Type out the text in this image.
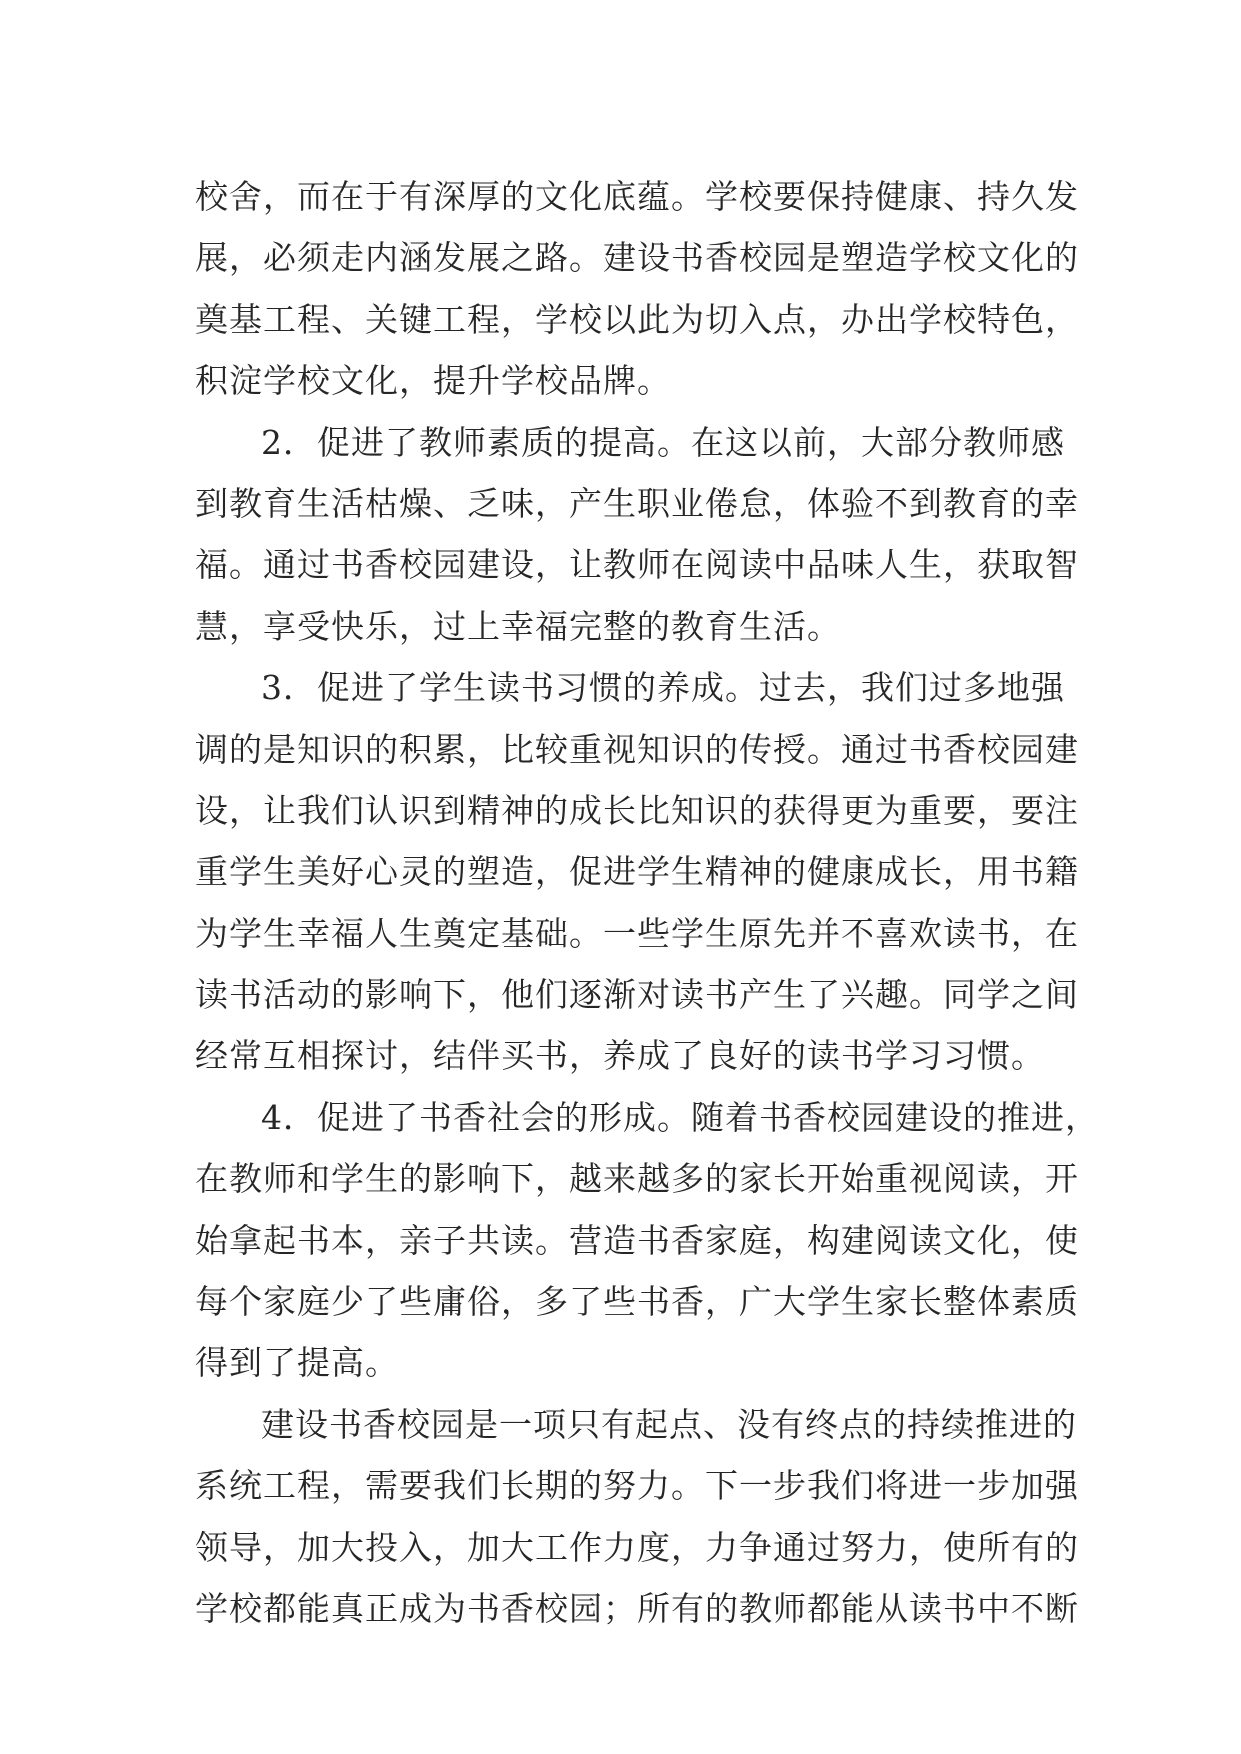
校舍，而在于有深厚的文化底蕴。学校要保持健康、持久发
展，必须走内涵发展之路。建设书香校园是塑造学校文化的
奠基工程、关键工程，学校以此为切入点，办出学校特色，
积淀学校文化，提升学校品牌。
2．促进了教师素质的提高。在这以前，大部分教师感
到教育生活枯燥、乏味，产生职业倦怠，体验不到教育的幸
福。通过书香校园建设，让教师在阅读中品味人生，获取智
慧，享受快乐，过上幸福完整的教育生活。
3．促进了学生读书习惯的养成。过去，我们过多地强
调的是知识的积累，比较重视知识的传授。通过书香校园建
设，让我们认识到精神的成长比知识的获得更为重要，要注
重学生美好心灵的塑造，促进学生精神的健康成长，用书籍
为学生幸福人生奠定基础。一些学生原先并不喜欢读书，在
读书活动的影响下，他们逐渐对读书产生了兴趣。同学之间
经常互相探讨，结伴买书，养成了良好的读书学习习惯。
4．促进了书香社会的形成。随着书香校园建设的推进，
在教师和学生的影响下，越来越多的家长开始重视阅读，开
始拿起书本，亲子共读。营造书香家庭，构建阅读文化，使
每个家庭少了些庸俗，多了些书香，广大学生家长整体素质
得到了提高。
建设书香校园是一项只有起点、没有终点的持续推进的
系统工程，需要我们长期的努力。下一步我们将进一步加强
领导，加大投入，加大工作力度，力争通过努力，使所有的
学校都能真正成为书香校园；所有的教师都能从读书中不断
